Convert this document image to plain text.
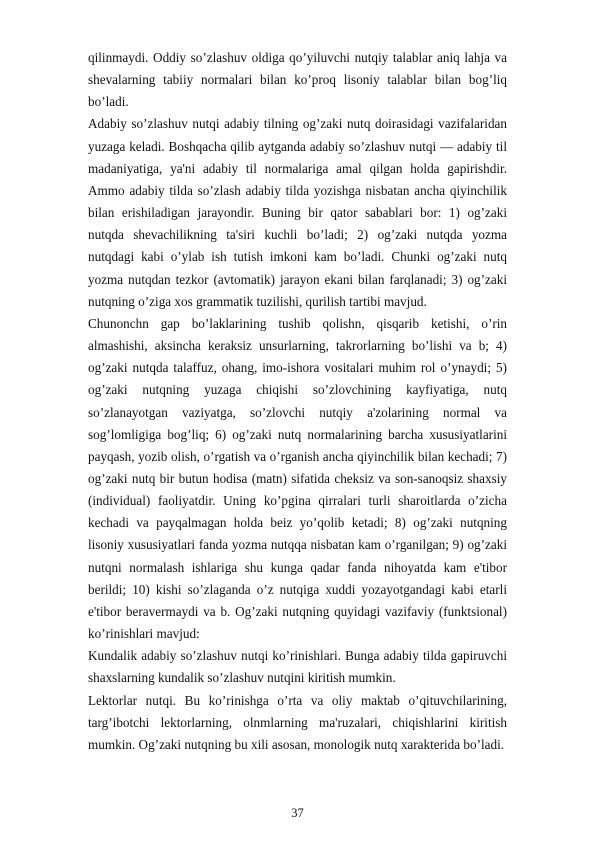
qilinmaydi. Oddiy so’zlashuv oldiga qo’yiluvchi nutqiy talablar aniq lahja va shevalarning tabiiy normalari bilan ko’proq lisoniy talablar bilan bog’liq bo’ladi.

Adabiy so’zlashuv nutqi adabiy tilning og’zaki nutq doirasidagi vazifalaridan yuzaga keladi. Boshqacha qilib aytganda adabiy so’zlashuv nutqi — adabiy til madaniyatiga, ya'ni adabiy til normalariga amal qilgan holda gapirishdir. Ammo adabiy tilda so’zlash adabiy tilda yozishga nisbatan ancha qiyinchilik bilan erishiladigan jarayondir. Buning bir qator sabablari bor: 1) og’zaki nutqda shevachilikning ta'siri kuchli bo’ladi; 2) og’zaki nutqda yozma nutqdagi kabi o’ylab ish tutish imkoni kam bo’ladi. Chunki og’zaki nutq yozma nutqdan tezkor (avtomatik) jarayon ekani bilan farqlanadi; 3) og’zaki nutqning o’ziga xos grammatik tuzilishi, qurilish tartibi mavjud.

Chunonchn gap bo’laklarining tushib qolishn, qisqarib ketishi, o’rin almashishi, aksincha keraksiz unsurlarning, takrorlarning bo’lishi va b; 4) og’zaki nutqda talaffuz, ohang, imo-ishora vositalari muhim rol o’ynaydi; 5) og’zaki nutqning yuzaga chiqishi so’zlovchining kayfiyatiga, nutq so’zlanayotgan vaziyatga, so’zlovchi nutqiy a'zolarining normal va sog’lomligiga bog’liq; 6) og’zaki nutq normalarining barcha xususiyatlarini payqash, yozib olish, o’rgatish va o’rganish ancha qiyinchilik bilan kechadi; 7) og’zaki nutq bir butun hodisa (matn) sifatida cheksiz va son-sanoqsiz shaxsiy (individual) faoliyatdir. Uning ko’pgina qirralari turli sharoitlarda o’zicha kechadi va payqalmagan holda beiz yo’qolib ketadi; 8) og’zaki nutqning lisoniy xususiyatlari fanda yozma nutqqa nisbatan kam o’rganilgan; 9) og’zaki nutqni normalash ishlariga shu kunga qadar fanda nihoyatda kam e'tibor berildi; 10) kishi so’zlaganda o’z nutqiga xuddi yozayotgandagi kabi etarli e'tibor beravermaydi va b. Og’zaki nutqning quyidagi vazifaviy (funktsional) ko’rinishlari mavjud:

Kundalik adabiy so’zlashuv nutqi ko’rinishlari. Bunga adabiy tilda gapiruvchi shaxslarning kundalik so’zlashuv nutqini kiritish mumkin.

Lektorlar nutqi. Bu ko’rinishga o’rta va oliy maktab o’qituvchilarining, targ’ibotchi lektorlarning, olnmlarning ma'ruzalari, chiqishlarini kiritish mumkin. Og’zaki nutqning bu xili asosan, monologik nutq xarakterida bo’ladi.

37
